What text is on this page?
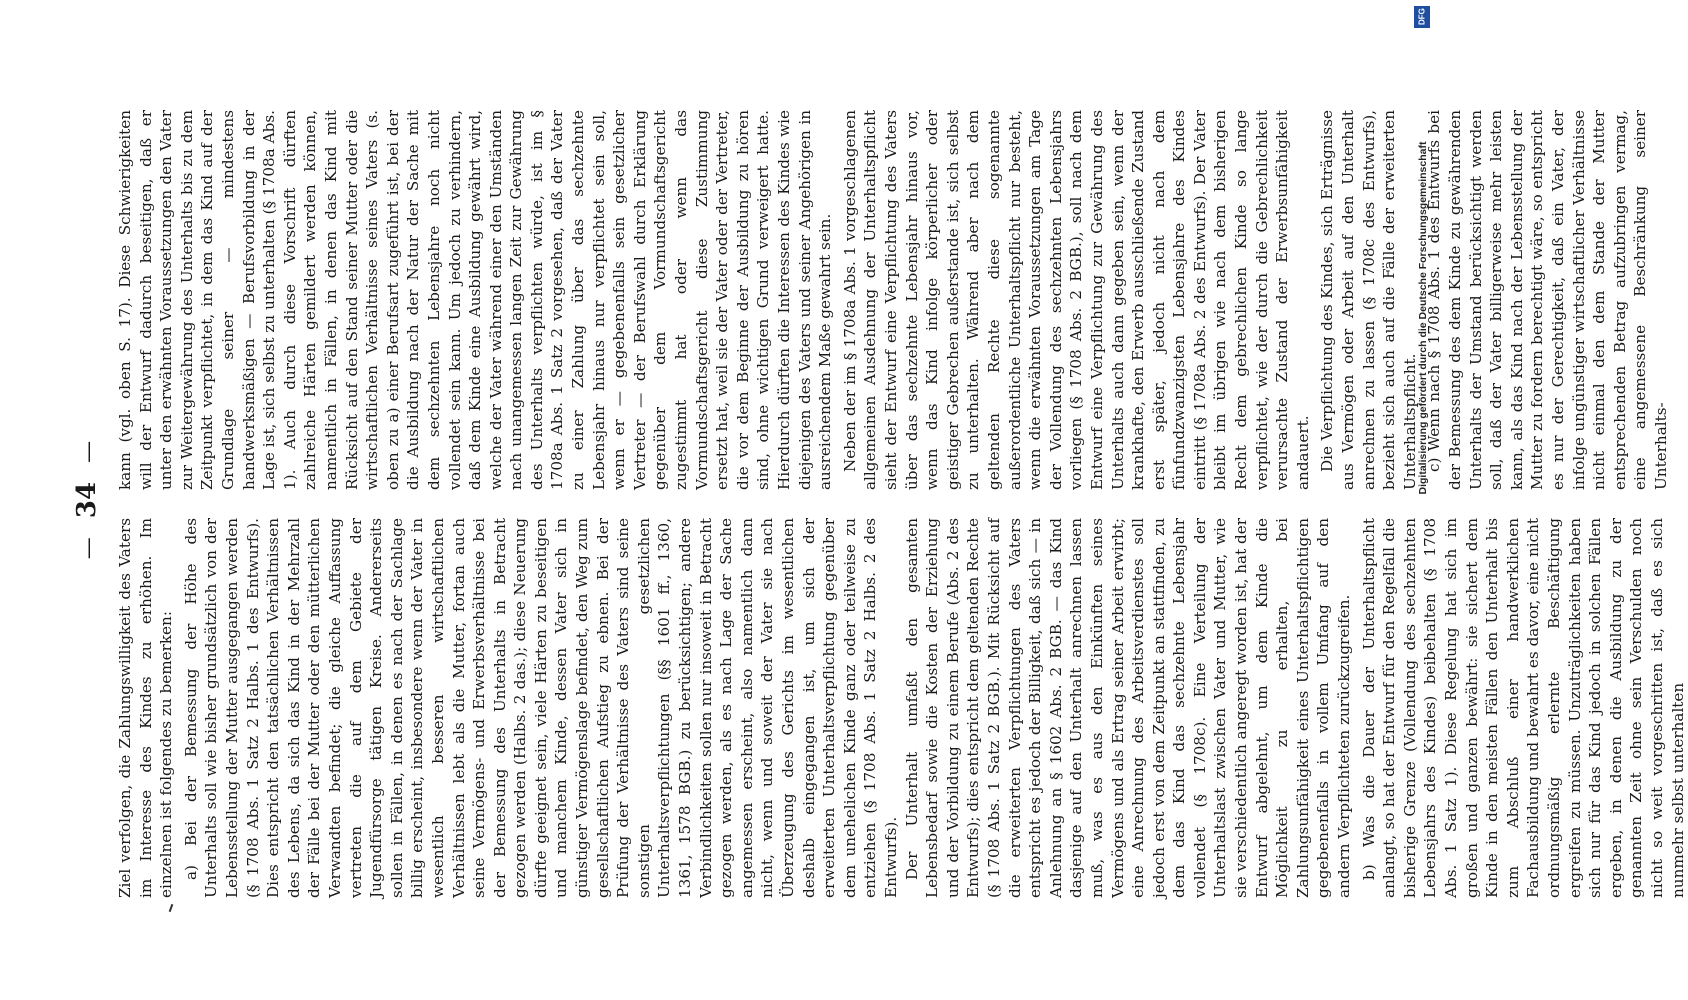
— 34 —

Ziel verfolgen, die Zahlungswilligkeit des Vaters im Interesse des Kindes zu erhöhen. Im einzelnen ist folgendes zu bemerken: a) Bei der Bemessung der Höhe des Unterhalts soll wie bisher grundsätzlich von der Lebensstellung der Mutter ausgegangen werden (§ 1708 Abs. 1 Satz 2 Halbs. 1 des Entwurfs). Dies entspricht den tatsächlichen Verhältnissen des Lebens, da sich das Kind in der Mehrzahl der Fälle bei der Mutter oder den mütterlichen Verwandten befindet; die gleiche Auffassung vertreten die auf dem Gebiete der Jugendfürsorge tätigen Kreise. Andererseits sollen in Fällen, in denen es nach der Sachlage billig erscheint, insbesondere wenn der Vater in wesentlich besseren wirtschaftlichen Verhältnissen lebt als die Mutter, fortan auch seine Vermögens- und Erwerbsverhältnisse bei der Bemessung des Unterhalts in Betracht gezogen werden (Halbs. 2 das.); diese Neuerung dürfte geeignet sein, viele Härten zu beseitigen und manchem Kinde, dessen Vater sich in günstiger Vermögenslage befindet, den Weg zum gesellschaftlichen Aufstieg zu ebnen. Bei der Prüfung der Verhältnisse des Vaters sind seine sonstigen gesetzlichen Unterhaltsverpflichtungen (§§ 1601 ff., 1360, 1361, 1578 BGB.) zu berücksichtigen; andere Verbindlichkeiten sollen nur insoweit in Betracht gezogen werden, als es nach Lage der Sache angemessen erscheint, also namentlich dann nicht, wenn und soweit der Vater sie nach Überzeugung des Gerichts im wesentlichen deshalb eingegangen ist, um sich der erweiterten Unterhaltsverpflichtung gegenüber dem unehelichen Kinde ganz oder teilweise zu entziehen (§ 1708 Abs. 1 Satz 2 Halbs. 2 des Entwurfs). Der Unterhalt umfaßt den gesamten Lebensbedarf sowie die Kosten der Erziehung und der Vorbildung zu einem Berufe (Abs. 2 des Entwurfs); dies entspricht dem geltenden Rechte (§ 1708 Abs. 1 Satz 2 BGB.). Mit Rücksicht auf die erweiterten Verpflichtungen des Vaters entspricht es jedoch der Billigkeit, daß sich — in Anlehnung an § 1602 Abs. 2 BGB. — das Kind dasjenige auf den Unterhalt anrechnen lassen muß, was es aus den Einkünften seines Vermögens und als Ertrag seiner Arbeit erwirbt; eine Anrechnung des Arbeitsverdienstes soll jedoch erst von dem Zeitpunkt an stattfinden, zu dem das Kind das sechzehnte Lebensjahr vollendet (§ 1708c). Eine Verteilung der Unterhaltslast zwischen Vater und Mutter, wie sie verschiedentlich angeregt worden ist, hat der Entwurf abgelehnt, um dem Kinde die Möglichkeit zu erhalten, bei Zahlungsunfähigkeit eines Unterhaltspflichtigen gegebenenfalls in vollem Umfang auf den andern Verpflichteten zurückzugreifen. b) Was die Dauer der Unterhaltspflicht anlangt, so hat der Entwurf für den Regelfall die bisherige Grenze (Vollendung des sechzehnten Lebensjahrs des Kindes) beibehalten (§ 1708 Abs. 1 Satz 1). Diese Regelung hat sich im großen und ganzen bewährt: sie sichert dem Kinde in den meisten Fällen den Unterhalt bis zum Abschluß einer handwerklichen Fachausbildung und bewahrt es davor, eine nicht ordnungsmäßig erlernte Beschäftigung ergreifen zu müssen. Unzuträglichkeiten haben sich nur für das Kind jedoch in solchen Fällen ergeben, in denen die Ausbildung zu der genannten Zeit ohne sein Verschulden noch nicht so weit vorgeschritten ist, daß es sich nunmehr selbst unterhalten

kann (vgl. oben S. 17). Diese Schwierigkeiten will der Entwurf dadurch beseitigen, daß er unter den erwähnten Voraussetzungen den Vater zur Weitergewährung des Unterhalts bis zu dem Zeitpunkt verpflichtet, in dem das Kind auf der Grundlage seiner — mindestens handwerksmäßigen — Berufsvorbildung in der Lage ist, sich selbst zu unterhalten (§ 1708a Abs. 1). Auch durch diese Vorschrift dürften zahlreiche Härten gemildert werden können, namentlich in Fällen, in denen das Kind mit Rücksicht auf den Stand seiner Mutter oder die wirtschaftlichen Verhältnisse seines Vaters (s. oben zu a) einer Berufsart zugeführt ist, bei der die Ausbildung nach der Natur der Sache mit dem sechzehnten Lebensjahre noch nicht vollendet sein kann. Um jedoch zu verhindern, daß dem Kinde eine Ausbildung gewährt wird, welche der Vater während einer den Umständen nach unangemessen langen Zeit zur Gewährung des Unterhalts verpflichten würde, ist im § 1708a Abs. 1 Satz 2 vorgesehen, daß der Vater zu einer Zahlung über das sechzehnte Lebensjahr hinaus nur verpflichtet sein soll, wenn er — gegebenenfalls sein gesetzlicher Vertreter — der Berufswahl durch Erklärung gegenüber dem Vormundschaftsgericht zugestimmt hat oder wenn das Vormundschaftsgericht diese Zustimmung ersetzt hat, weil sie der Vater oder der Vertreter, die vor dem Beginne der Ausbildung zu hören sind, ohne wichtigen Grund verweigert hatte. Hierdurch dürften die Interessen des Kindes wie diejenigen des Vaters und seiner Angehörigen in ausreichendem Maße gewahrt sein. Neben der im § 1708a Abs. 1 vorgeschlagenen allgemeinen Ausdehnung der Unterhaltspflicht sieht der Entwurf eine Verpflichtung des Vaters über das sechzehnte Lebensjahr hinaus vor, wenn das Kind infolge körperlicher oder geistiger Gebrechen außerstande ist, sich selbst zu unterhalten. Während aber nach dem geltenden Rechte diese sogenannte außerordentliche Unterhaltspflicht nur besteht, wenn die erwähnten Voraussetzungen am Tage der Vollendung des sechzehnten Lebensjahrs vorliegen (§ 1708 Abs. 2 BGB.), soll nach dem Entwurf eine Verpflichtung zur Gewährung des Unterhalts auch dann gegeben sein, wenn der krankhafte, den Erwerb ausschließende Zustand erst später, jedoch nicht nach dem fünfundzwanzigsten Lebensjahre des Kindes eintritt (§ 1708a Abs. 2 des Entwurfs). Der Vater bleibt im übrigen wie nach dem bisherigen Recht dem gebrechlichen Kinde so lange verpflichtet, wie der durch die Gebrechlichkeit verursachte Zustand der Erwerbsunfähigkeit andauert. Die Verpflichtung des Kindes, sich Erträgnisse aus Vermögen oder Arbeit auf den Unterhalt anrechnen zu lassen (§ 1708c des Entwurfs), bezieht sich auch auf die Fälle der erweiterten Unterhaltspflicht. c) Wenn nach § 1708 Abs. 1 des Entwurfs bei der Bemessung des dem Kinde zu gewährenden Unterhalts der Umstand berücksichtigt werden soll, daß der Vater billigerweise mehr leisten kann, als das Kind nach der Lebensstellung der Mutter zu fordern berechtigt wäre, so entspricht es nur der Gerechtigkeit, daß ein Vater, der infolge ungünstiger wirtschaftlicher Verhältnisse nicht einmal den dem Stande der Mutter entsprechenden Betrag aufzubringen vermag, eine angemessene Beschränkung seiner Unterhalts-

DFG
Digitalisierung gefördert durch die Deutsche Forschungsgemeinschaft
